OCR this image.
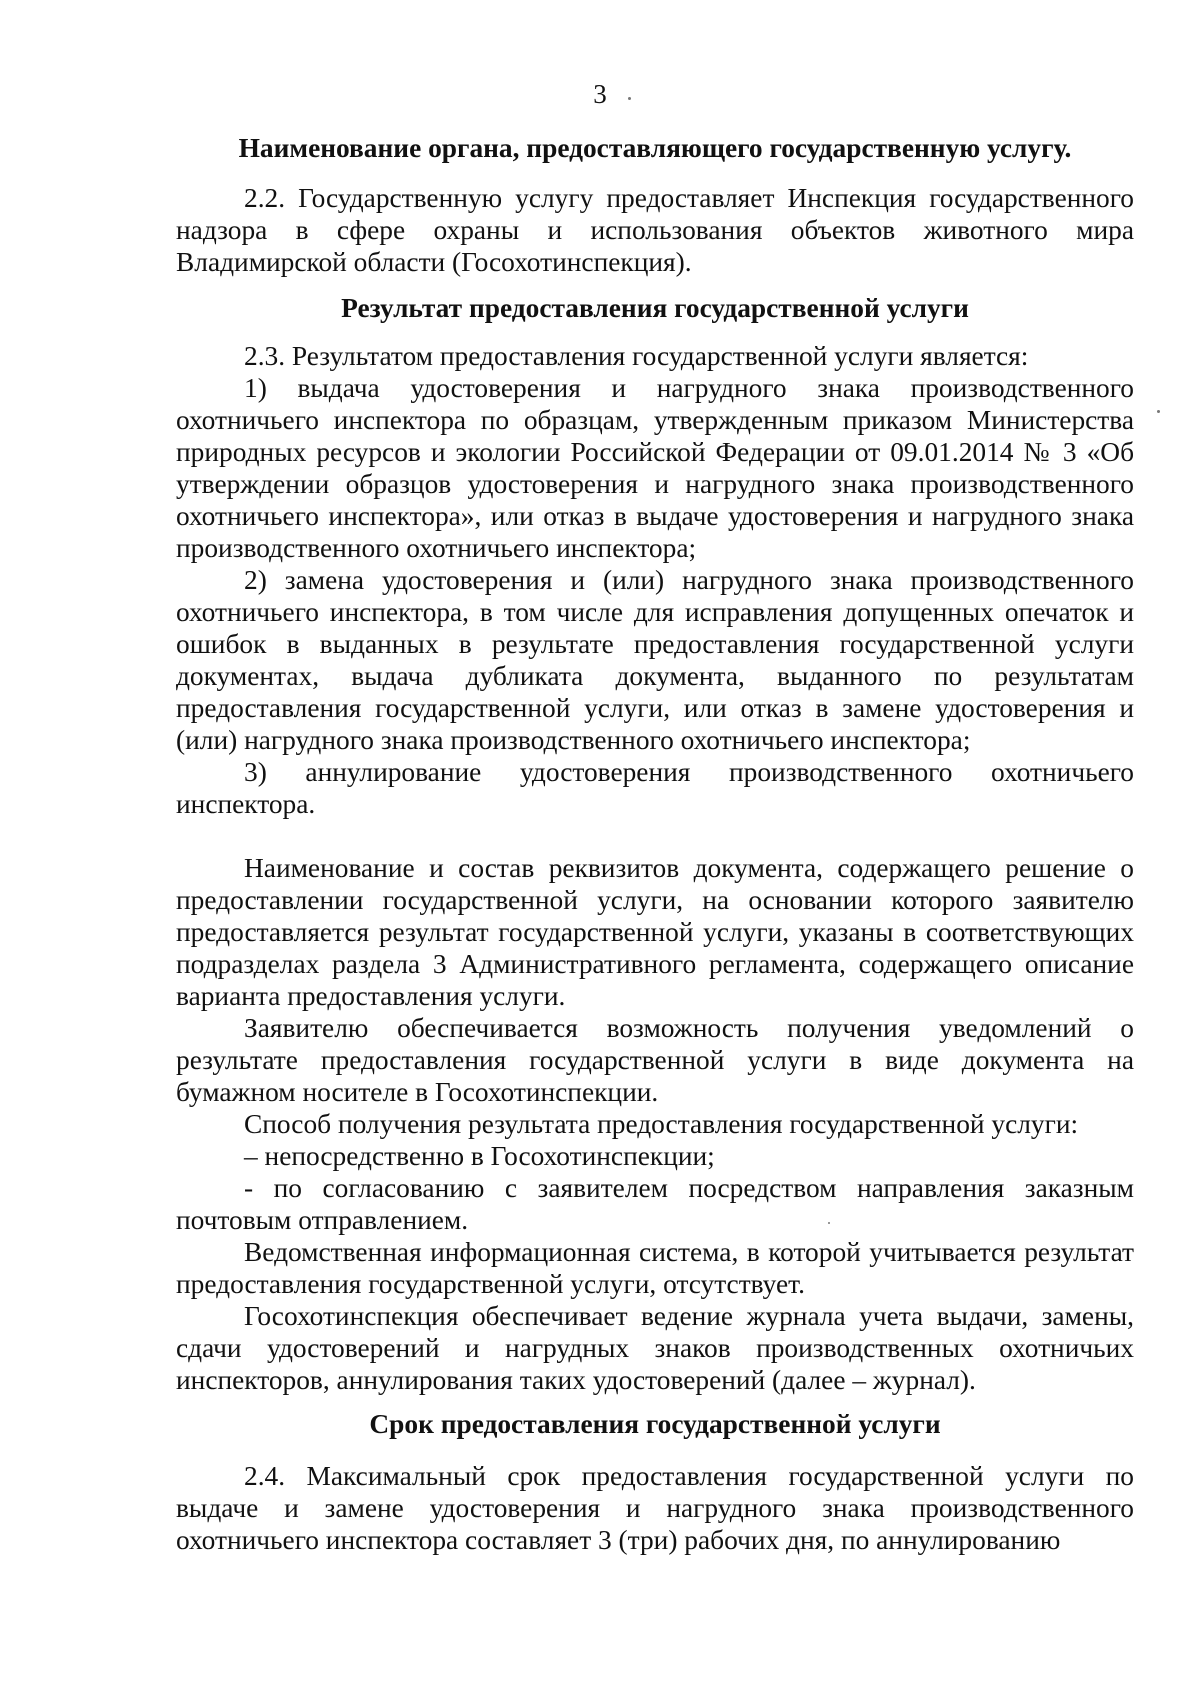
3

Наименование органа, предоставляющего государственную услугу.

2.2. Государственную услугу предоставляет Инспекция государственного надзора в сфере охраны и использования объектов животного мира Владимирской области (Госохотинспекция).

Результат предоставления государственной услуги

2.3. Результатом предоставления государственной услуги является:

1) выдача удостоверения и нагрудного знака производственного охотничьего инспектора по образцам, утвержденным приказом Министерства природных ресурсов и экологии Российской Федерации от 09.01.2014 № 3 «Об утверждении образцов удостоверения и нагрудного знака производственного охотничьего инспектора», или отказ в выдаче удостоверения и нагрудного знака производственного охотничьего инспектора;

2) замена удостоверения и (или) нагрудного знака производственного охотничьего инспектора, в том числе для исправления допущенных опечаток и ошибок в выданных в результате предоставления государственной услуги документах, выдача дубликата документа, выданного по результатам предоставления государственной услуги, или отказ в замене удостоверения и (или) нагрудного знака производственного охотничьего инспектора;

3) аннулирование удостоверения производственного охотничьего инспектора.

Наименование и состав реквизитов документа, содержащего решение о предоставлении государственной услуги, на основании которого заявителю предоставляется результат государственной услуги, указаны в соответствующих подразделах раздела 3 Административного регламента, содержащего описание варианта предоставления услуги.

Заявителю обеспечивается возможность получения уведомлений о результате предоставления государственной услуги в виде документа на бумажном носителе в Госохотинспекции.

Способ получения результата предоставления государственной услуги:

– непосредственно в Госохотинспекции;

- по согласованию с заявителем посредством направления заказным почтовым отправлением.

Ведомственная информационная система, в которой учитывается результат предоставления государственной услуги, отсутствует.

Госохотинспекция обеспечивает ведение журнала учета выдачи, замены, сдачи удостоверений и нагрудных знаков производственных охотничьих инспекторов, аннулирования таких удостоверений (далее – журнал).

Срок предоставления государственной услуги

2.4. Максимальный срок предоставления государственной услуги по выдаче и замене удостоверения и нагрудного знака производственного охотничьего инспектора составляет 3 (три) рабочих дня, по аннулированию
